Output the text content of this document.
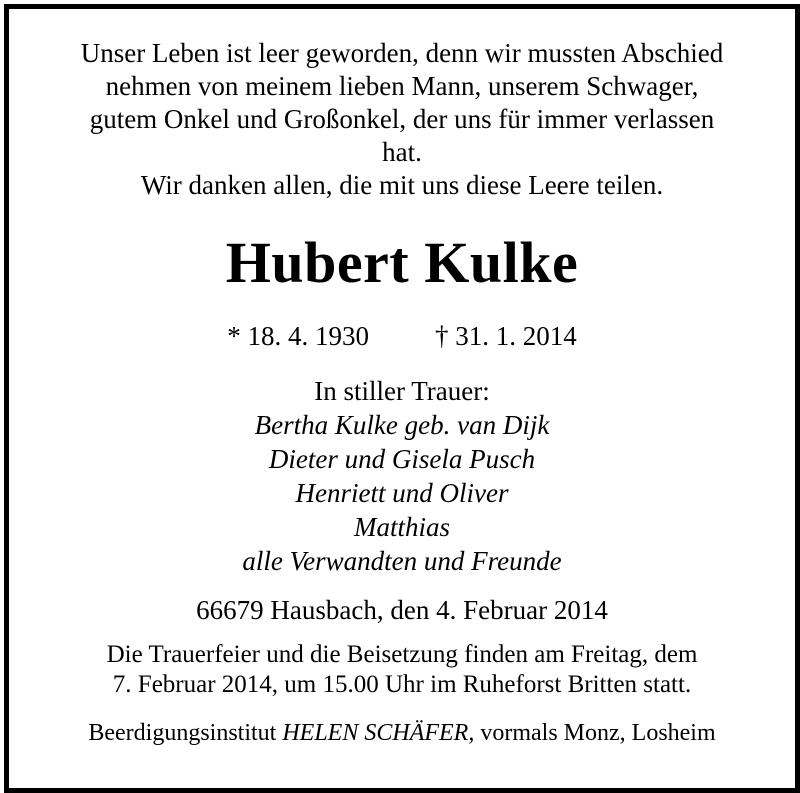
Unser Leben ist leer geworden, denn wir mussten Abschied
nehmen von meinem lieben Mann, unserem Schwager,
gutem Onkel und Großonkel, der uns für immer verlassen
hat.
Wir danken allen, die mit uns diese Leere teilen.
Hubert Kulke
* 18. 4. 1930 † 31. 1. 2014
In stiller Trauer:
Bertha Kulke geb. van Dijk
Dieter und Gisela Pusch
Henriett und Oliver
Matthias
alle Verwandten und Freunde
66679 Hausbach, den 4. Februar 2014
Die Trauerfeier und die Beisetzung finden am Freitag, dem
7. Februar 2014, um 15.00 Uhr im Ruheforst Britten statt.
Beerdigungsinstitut HELEN SCHÄFER, vormals Monz, Losheim
